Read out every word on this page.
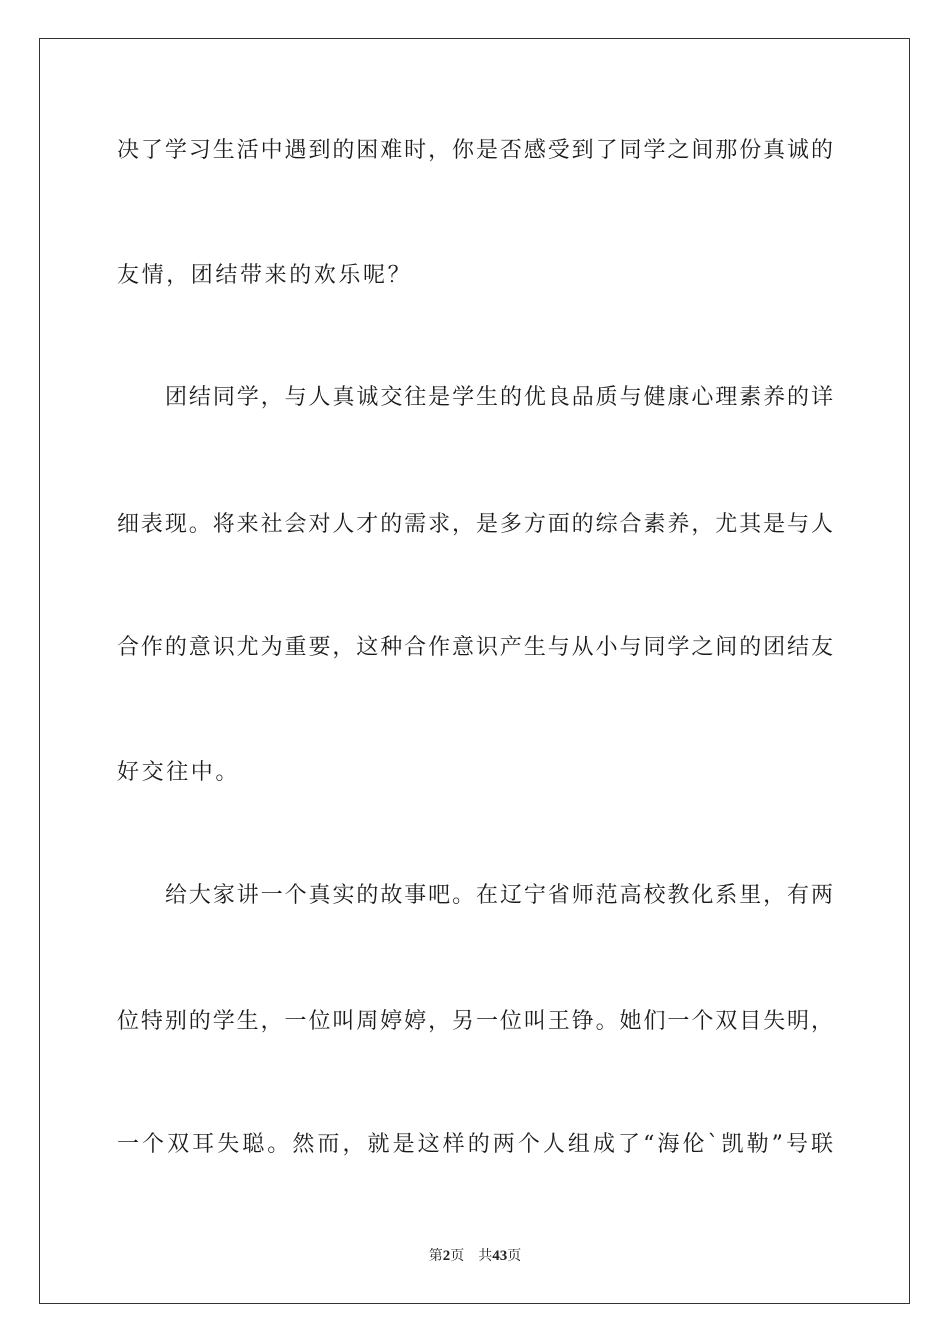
决了学习生活中遇到的困难时，你是否感受到了同学之间那份真诚的
友情，团结带来的欢乐呢？
团结同学，与人真诚交往是学生的优良品质与健康心理素养的详
细表现。将来社会对人才的需求，是多方面的综合素养，尤其是与人
合作的意识尤为重要，这种合作意识产生与从小与同学之间的团结友
好交往中。
给大家讲一个真实的故事吧。在辽宁省师范高校教化系里，有两
位特别的学生，一位叫周婷婷，另一位叫王铮。她们一个双目失明，
一个双耳失聪。然而，就是这样的两个人组成了“海伦`凯勒”号联
第2页 共43页
